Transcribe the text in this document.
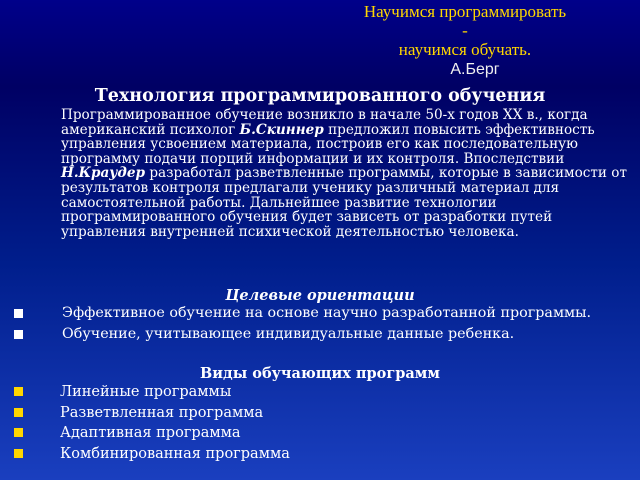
Научимся программировать
-
научимся обучать.
А.Берг
Технология программированного обучения

Программированное обучение возникло в начале 50-х годов XX в., когда американский психолог Б.Скиннер предложил повысить эффективность управления усвоением материала, построив его как последовательную программу подачи порций информации и их контроля. Впоследствии Н.Краудер разработал разветвленные программы, которые в зависимости от результатов контроля предлагали ученику различный материал для самостоятельной работы. Дальнейшее развитие технологии программированного обучения будет зависеть от разработки путей управления внутренней психической деятельностью человека.

Целевые ориентации
Эффективное обучение на основе научно разработанной программы.
Обучение, учитывающее индивидуальные данные ребенка.
Виды обучающих программ
Линейные программы
Разветвленная программа
Адаптивная программа
Комбинированная программа
